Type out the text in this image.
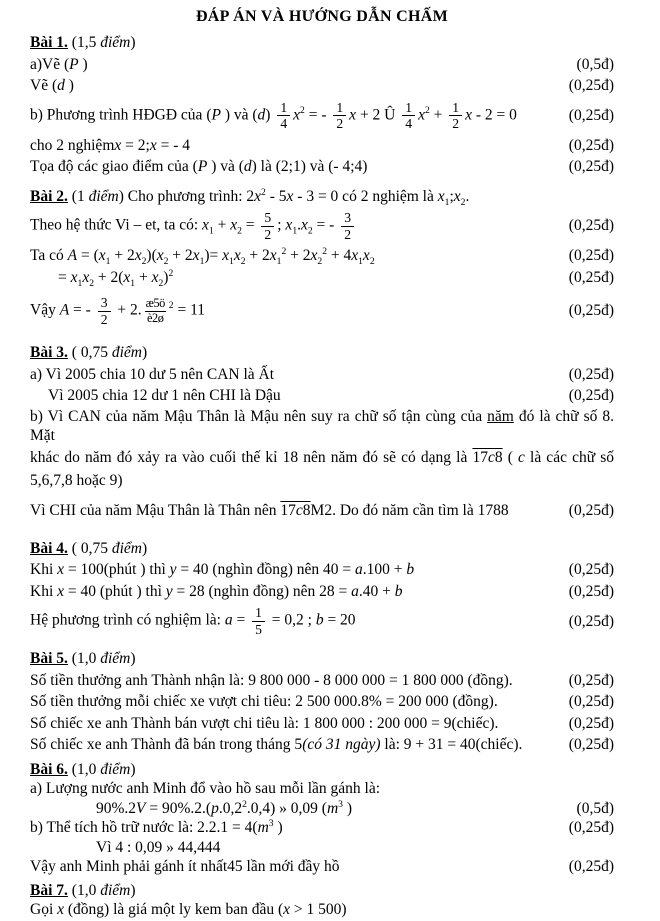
ĐÁP ÁN VÀ HƯỚNG DẪN CHẤM
Bài 1. (1,5 điểm)
a)Vẽ (P )	(0,5đ)
Vẽ (d )	(0,25đ)
b) Phương trình HĐGĐ của (P ) và $(d) \frac{1}{4} x^2$ = - $\frac{1}{2}$ x + 2 Û $\frac{1}{4} x^2 + \frac{1}{2}$ x - 2 = 0	(0,25đ)
cho 2 nghiệmx = 2;x = - 4	(0,25đ)
Tọa độ các giao điểm của (P ) và (d) là (2;1) và (- 4;4)	(0,25đ)
Bài 2. (1 điểm) Cho phương trình: $2x^2 - 5x - 3 = 0$ có 2 nghiệm là $x_1;x_2$.
Theo hệ thức Vi – et, ta có: $x_1 + x_2 = \frac{5}{2}$ ; $x_1.x_2$ = - $\frac{3}{2}$	(0,25đ)
Ta có $A = (x_1 + 2x_2)(x_2 + 2x_1)= x_1x_2 + 2x_1^2 + 2x_2^2 + 4x_1x_2$	(0,25đ)
= $x_1x_2 + 2(x_1 + x_2)^2$	(0,25đ)
Vậy A = - $\frac{3}{2} + 2$. $\frac{æ5ö}{è2ø} ^2 = 11$	(0,25đ)
Bài 3. ( 0,75 điểm)
a) Vì 2005 chia 10 dư 5 nên CAN là Ất	(0,25đ)
Vì 2005 chia 12 dư 1 nên CHI là Dậu	(0,25đ)
b) Vì CAN của năm Mậu Thân là Mậu nên suy ra chữ số tận cùng của năm đó là chữ số 8. Mặt
khác do năm đó xảy ra vào cuối thế kỉ 18 nên năm đó sẽ có dạng là $17\overline{c}8$ ( c là các chữ số
5,6,7,8 hoặc 9)
Vì CHI của năm Mậu Thân là Thân nên $17\overline{c}8M2$. Do đó năm cần tìm là 1788	(0,25đ)
Bài 4. ( 0,75 điểm)
Khi x = 100(phút ) thì y = 40 (nghìn đồng) nên 40 = a.100 + b	(0,25đ)
Khi x = 40 (phút ) thì y = 28 (nghìn đồng) nên 28 = a.40 + b	(0,25đ)
Hệ phương trình có nghiệm là: $a = \frac{1}{5} = 0,2$ ; b = 20	(0,25đ)
Bài 5. (1,0 điểm)
Số tiền thưởng anh Thành nhận là: 9 800 000 - 8 000 000 = 1 800 000 (đồng).	(0,25đ)
Số tiền thưởng mỗi chiếc xe vượt chi tiêu: 2 500 000.8% = 200 000 (đồng).	(0,25đ)
Số chiếc xe anh Thành bán vượt chi tiêu là: 1 800 000 : 200 000 = 9(chiếc).	(0,25đ)
Số chiếc xe anh Thành đã bán trong tháng 5(có 31 ngày) là: 9 + 31 = 40(chiếc).	(0,25đ)
Bài 6. (1,0 điểm)
a) Lượng nước anh Minh đổ vào hồ sau mỗi lần gánh là:
$90\%.2V = 90\%.2.(p.0,2^2.0,4)$ » 0,09 ($m^3$ )	(0,5đ)
b) Thể tích hồ trữ nước là: $2.2.1 = 4(m^3$ )	(0,25đ)
Vì 4 : 0,09 » 44,444
Vậy anh Minh phải gánh ít nhất45 lần mới đầy hồ	(0,25đ)
Bài 7. (1,0 điểm)
Gọi x (đồng) là giá một ly kem ban đầu (x > 1 500)
